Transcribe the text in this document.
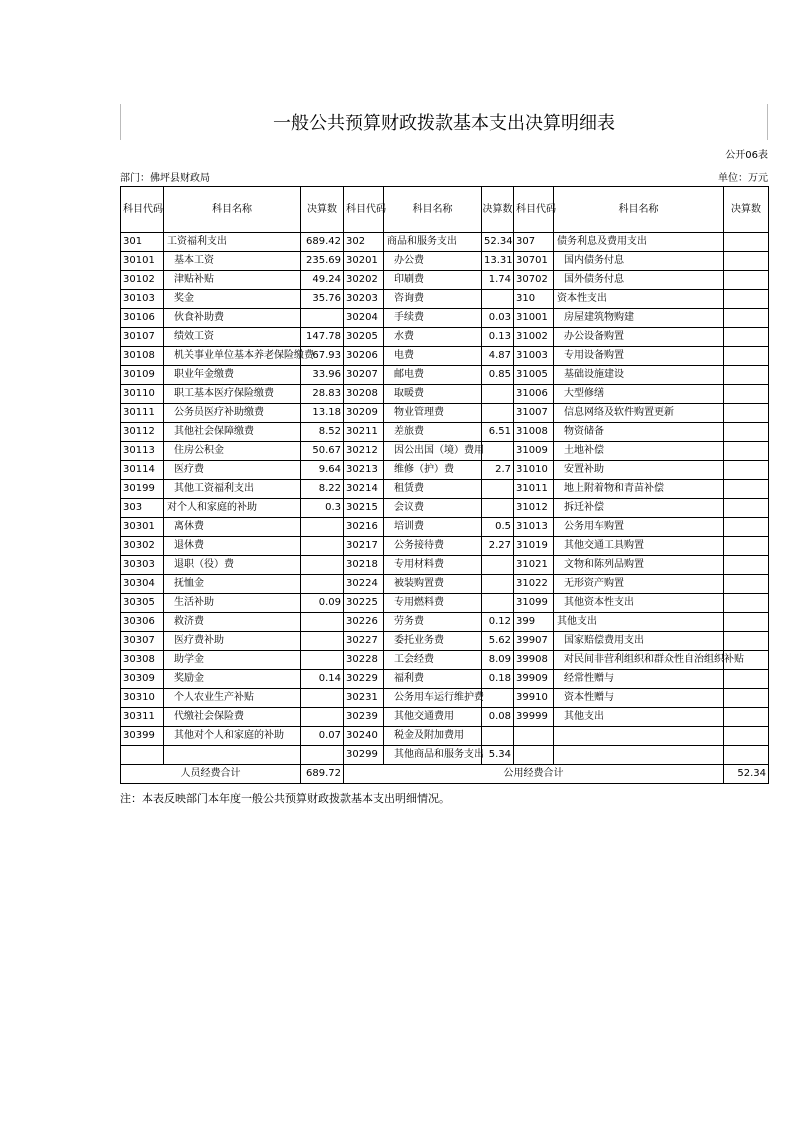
一般公共预算财政拨款基本支出决算明细表
公开06表
部门：佛坪县财政局	单位：万元
科目代码	科目名称	决算数	科目代码	科目名称	决算数	科目代码	科目名称	决算数
301	工资福利支出	689.42	302	商品和服务支出	52.34	307	债务利息及费用支出	
30101	基本工资	235.69	30201	办公费	13.31	30701	国内债务付息	
30102	津贴补贴	49.24	30202	印刷费	1.74	30702	国外债务付息	
30103	奖金	35.76	30203	咨询费		310	资本性支出	
30106	伙食补助费		30204	手续费	0.03	31001	房屋建筑物购建	
30107	绩效工资	147.78	30205	水费	0.13	31002	办公设备购置	
30108	机关事业单位基本养老保险缴费	67.93	30206	电费	4.87	31003	专用设备购置	
30109	职业年金缴费	33.96	30207	邮电费	0.85	31005	基础设施建设	
30110	职工基本医疗保险缴费	28.83	30208	取暖费		31006	大型修缮	
30111	公务员医疗补助缴费	13.18	30209	物业管理费		31007	信息网络及软件购置更新	
30112	其他社会保障缴费	8.52	30211	差旅费	6.51	31008	物资储备	
30113	住房公积金	50.67	30212	因公出国（境）费用		31009	土地补偿	
30114	医疗费	9.64	30213	维修（护）费	2.7	31010	安置补助	
30199	其他工资福利支出	8.22	30214	租赁费		31011	地上附着物和青苗补偿	
303	对个人和家庭的补助	0.3	30215	会议费		31012	拆迁补偿	
30301	离休费		30216	培训费	0.5	31013	公务用车购置	
30302	退休费		30217	公务接待费	2.27	31019	其他交通工具购置	
30303	退职（役）费		30218	专用材料费		31021	文物和陈列品购置	
30304	抚恤金		30224	被装购置费		31022	无形资产购置	
30305	生活补助	0.09	30225	专用燃料费		31099	其他资本性支出	
30306	救济费		30226	劳务费	0.12	399	其他支出	
30307	医疗费补助		30227	委托业务费	5.62	39907	国家赔偿费用支出	
30308	助学金		30228	工会经费	8.09	39908	对民间非营利组织和群众性自治组织补贴	
30309	奖励金	0.14	30229	福利费	0.18	39909	经常性赠与	
30310	个人农业生产补贴		30231	公务用车运行维护费		39910	资本性赠与	
30311	代缴社会保险费		30239	其他交通费用	0.08	39999	其他支出	
30399	其他对个人和家庭的补助	0.07	30240	税金及附加费用				
			30299	其他商品和服务支出	5.34			
人员经费合计		689.72	公用经费合计					52.34
注：本表反映部门本年度一般公共预算财政拨款基本支出明细情况。
